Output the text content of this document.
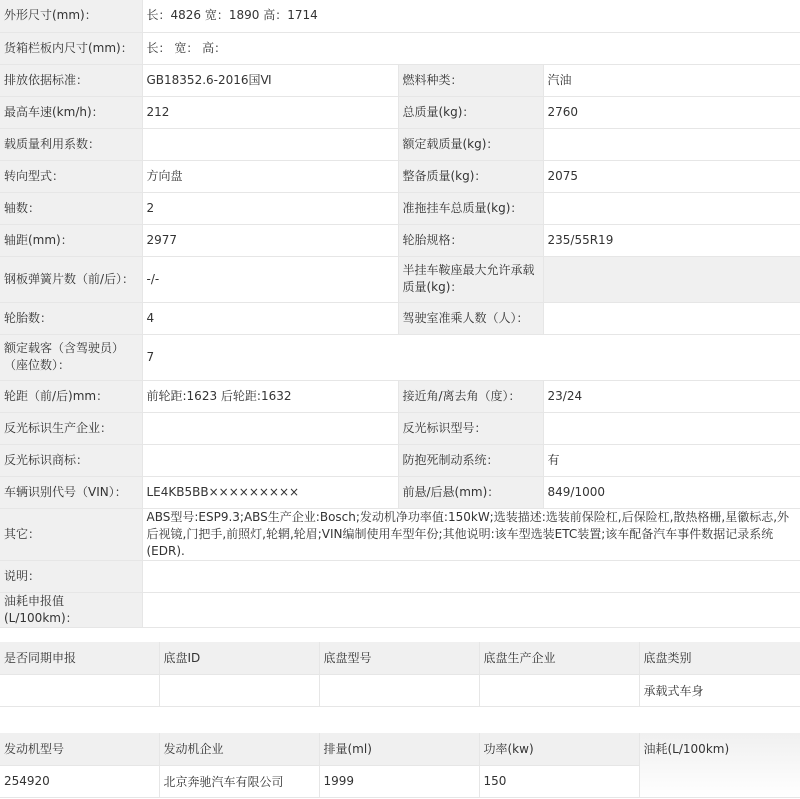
外形尺寸(mm)：	长：4826 宽：1890 高：1714		
货箱栏板内尺寸(mm)：	长： 宽： 高：		
排放依据标准：	GB18352.6-2016国Ⅵ	燃料种类：	汽油
最高车速(km/h)：	212	总质量(kg)：	2760
载质量利用系数：		额定载质量(kg)：	
转向型式：	方向盘	整备质量(kg)：	2075
轴数：	2	准拖挂车总质量(kg)：	
轴距(mm)：	2977	轮胎规格：	235/55R19
钢板弹簧片数（前/后）：	-/-	半挂车鞍座最大允许承载质量(kg)：	
轮胎数：	4	驾驶室准乘人数（人）：	
额定载客（含驾驶员）（座位数）：	7		
轮距（前/后)mm：	前轮距:1623 后轮距:1632	接近角/离去角（度）：	23/24
反光标识生产企业：		反光标识型号：	
反光标识商标：		防抱死制动系统：	有
车辆识别代号（VIN）：	LE4KB5BB×××××××××	前悬/后悬(mm)：	849/1000
其它：	ABS型号:ESP9.3;ABS生产企业:Bosch;发动机净功率值:150kW;选装描述:选装前保险杠,后保险杠,散热格栅,星徽标志,外后视镜,门把手,前照灯,轮辋,轮眉;VIN编制使用车型年份;其他说明:该车型选装ETC装置;该车配备汽车事件数据记录系统(EDR).		
说明：			
油耗申报值(L/100km)：			
是否同期申报	底盘ID	底盘型号	底盘生产企业	底盘类别
				承载式车身
发动机型号	发动机企业	排量(ml)	功率(kw)	油耗(L/100km)
254920	北京奔驰汽车有限公司	1999	150	
